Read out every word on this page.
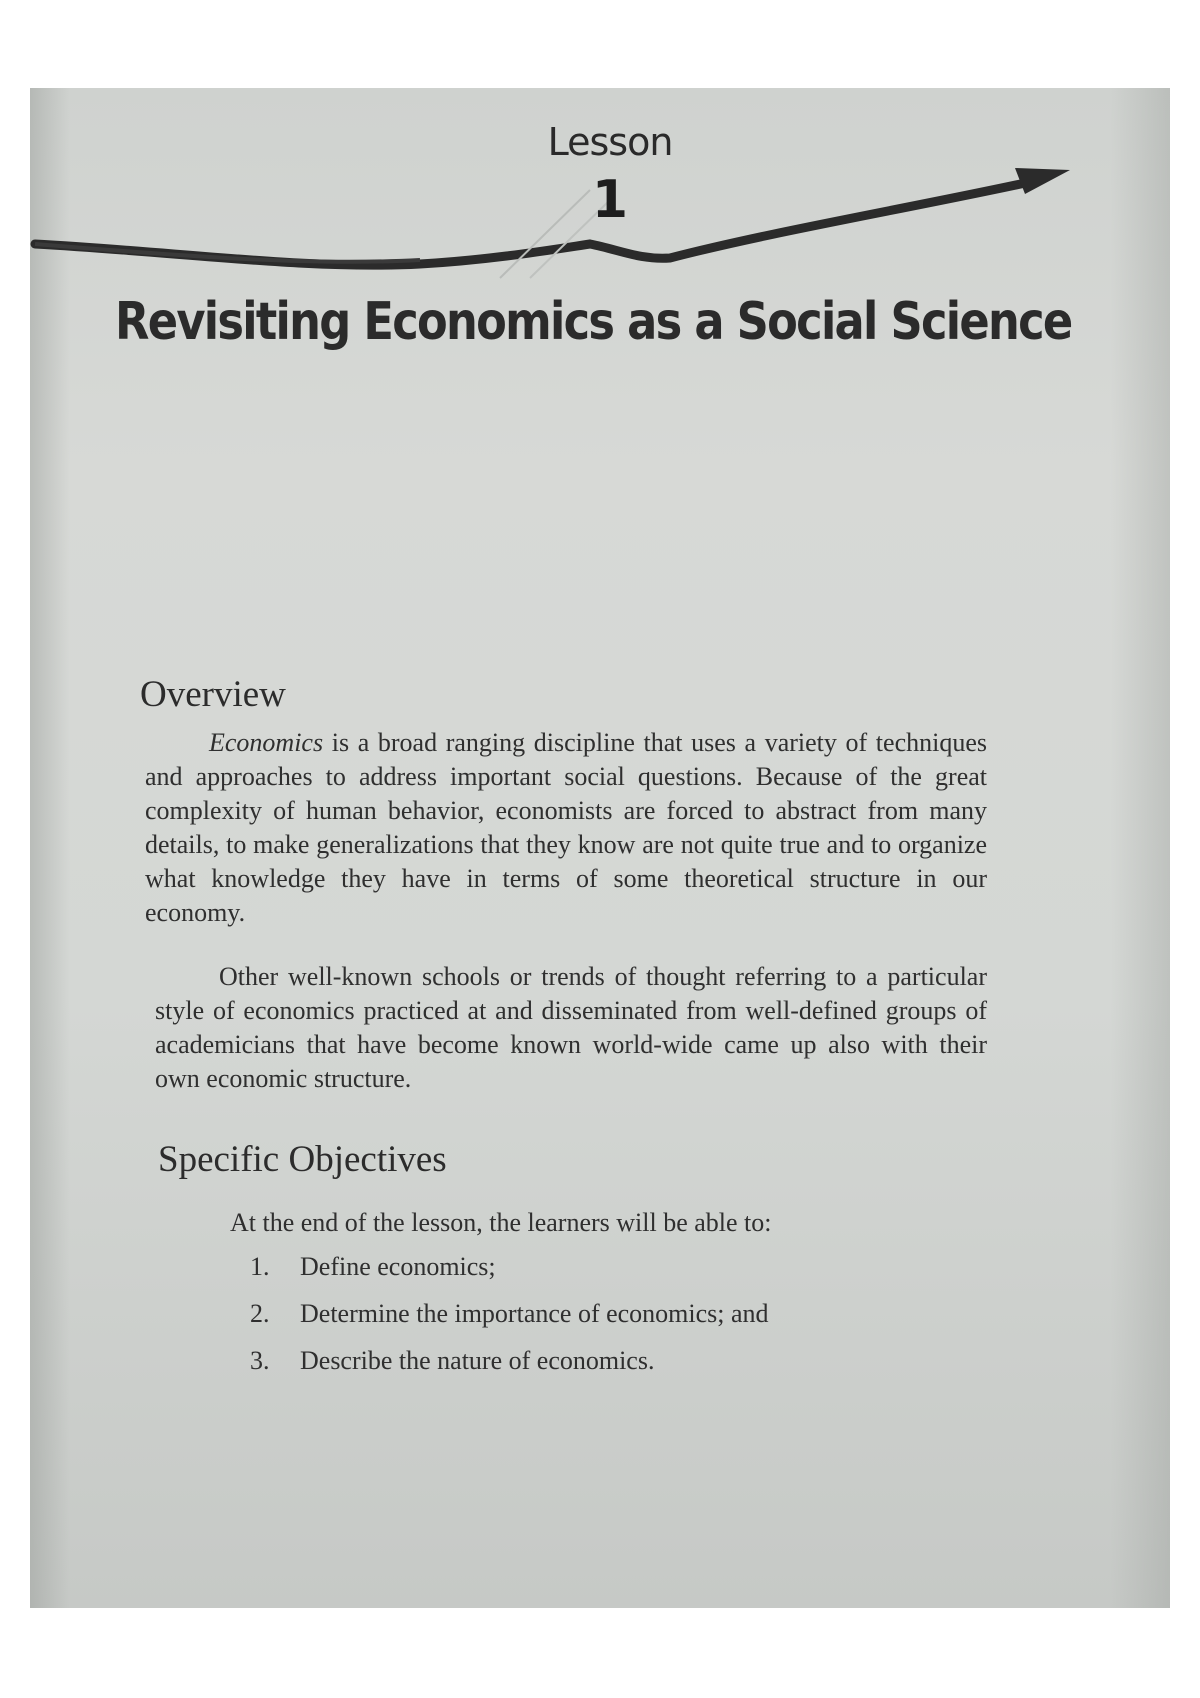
Lesson
1
Revisiting Economics as a Social Science
Overview
Economics is a broad ranging discipline that uses a variety of techniques and approaches to address important social questions. Because of the great complexity of human behavior, economists are forced to abstract from many details, to make generalizations that they know are not quite true and to organize what knowledge they have in terms of some theoretical structure in our economy.
Other well-known schools or trends of thought referring to a particular style of economics practiced at and disseminated from well-defined groups of academicians that have become known world-wide came up also with their own economic structure.
Specific Objectives
At the end of the lesson, the learners will be able to:
1. Define economics;
2. Determine the importance of economics; and
3. Describe the nature of economics.
